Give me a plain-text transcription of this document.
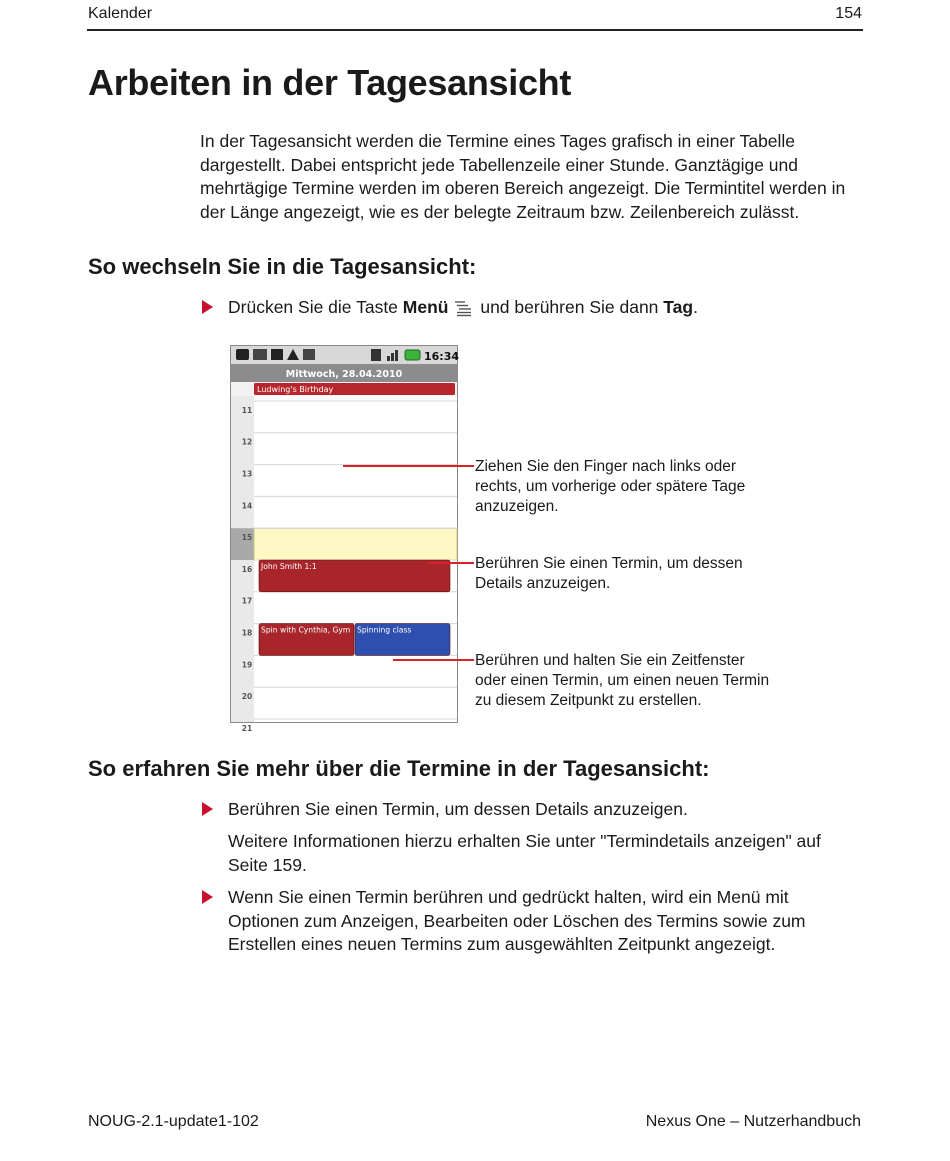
Kalender	154
Arbeiten in der Tagesansicht

In der Tagesansicht werden die Termine eines Tages grafisch in einer Tabelle dargestellt. Dabei entspricht jede Tabellenzeile einer Stunde. Ganztägige und mehrtägige Termine werden im oberen Bereich angezeigt. Die Termintitel werden in der Länge angezeigt, wie es der belegte Zeitraum bzw. Zeilenbereich zulässt.

So wechseln Sie in die Tagesansicht:
Drücken Sie die Taste Menü und berühren Sie dann Tag.
16:34
Mittwoch, 28.04.2010
Ludwing's Birthday
11
12
13
14
15
16
17
18
19
20
21
John Smith 1:1
Spin with Cynthia, Gym Spinning class
Ziehen Sie den Finger nach links oder rechts, um vorherige oder spätere Tage anzuzeigen.
Berühren Sie einen Termin, um dessen Details anzuzeigen.
Berühren und halten Sie ein Zeitfenster oder einen Termin, um einen neuen Termin zu diesem Zeitpunkt zu erstellen.
So erfahren Sie mehr über die Termine in der Tagesansicht:
Berühren Sie einen Termin, um dessen Details anzuzeigen.
Weitere Informationen hierzu erhalten Sie unter "Termindetails anzeigen" auf Seite 159.
Wenn Sie einen Termin berühren und gedrückt halten, wird ein Menü mit Optionen zum Anzeigen, Bearbeiten oder Löschen des Termins sowie zum Erstellen eines neuen Termins zum ausgewählten Zeitpunkt angezeigt.
NOUG-2.1-update1-102	Nexus One – Nutzerhandbuch
